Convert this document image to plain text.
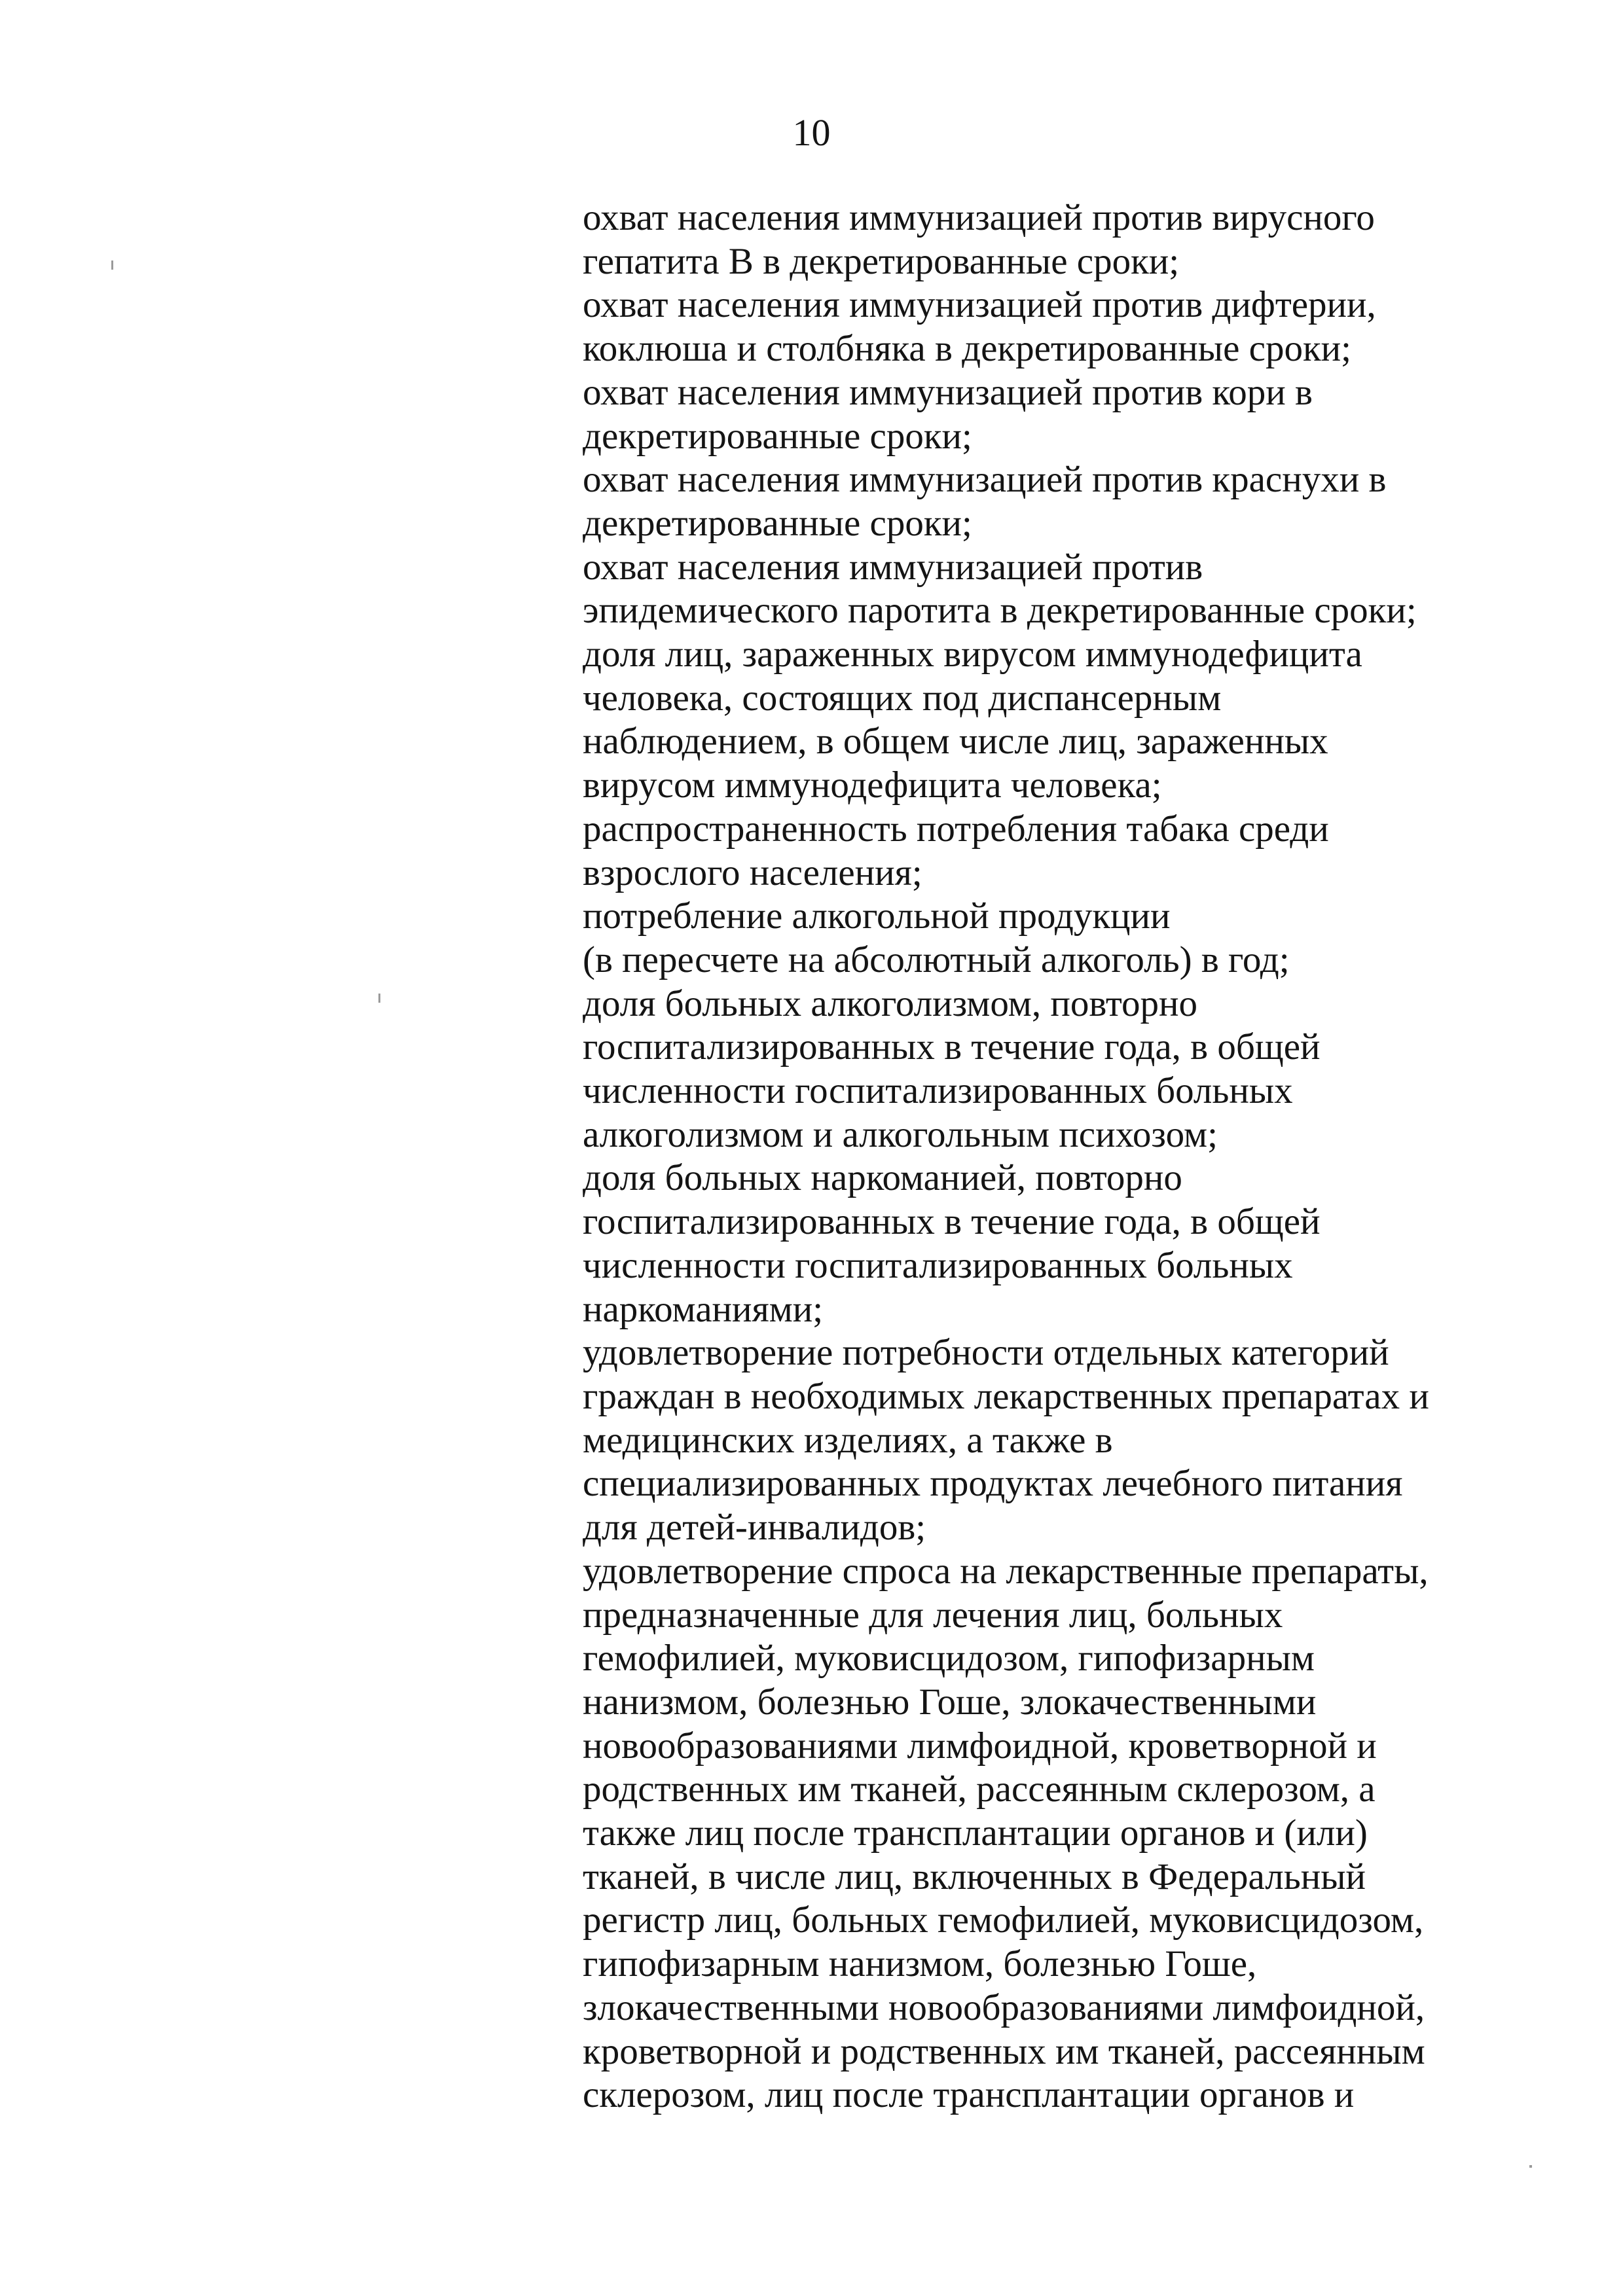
10
охват населения иммунизацией против вирусного
гепатита В в декретированные сроки;
охват населения иммунизацией против дифтерии,
коклюша и столбняка в декретированные сроки;
охват населения иммунизацией против кори в
декретированные сроки;
охват населения иммунизацией против краснухи в
декретированные сроки;
охват населения иммунизацией против
эпидемического паротита в декретированные сроки;
доля лиц, зараженных вирусом иммунодефицита
человека, состоящих под диспансерным
наблюдением, в общем числе лиц, зараженных
вирусом иммунодефицита человека;
распространенность потребления табака среди
взрослого населения;
потребление алкогольной продукции
(в пересчете на абсолютный алкоголь) в год;
доля больных алкоголизмом, повторно
госпитализированных в течение года, в общей
численности госпитализированных больных
алкоголизмом и алкогольным психозом;
доля больных наркоманией, повторно
госпитализированных в течение года, в общей
численности госпитализированных больных
наркоманиями;
удовлетворение потребности отдельных категорий
граждан в необходимых лекарственных препаратах и
медицинских изделиях, а также в
специализированных продуктах лечебного питания
для детей-инвалидов;
удовлетворение спроса на лекарственные препараты,
предназначенные для лечения лиц, больных
гемофилией, муковисцидозом, гипофизарным
нанизмом, болезнью Гоше, злокачественными
новообразованиями лимфоидной, кроветворной и
родственных им тканей, рассеянным склерозом, а
также лиц после трансплантации органов и (или)
тканей, в числе лиц, включенных в Федеральный
регистр лиц, больных гемофилией, муковисцидозом,
гипофизарным нанизмом, болезнью Гоше,
злокачественными новообразованиями лимфоидной,
кроветворной и родственных им тканей, рассеянным
склерозом, лиц после трансплантации органов и
